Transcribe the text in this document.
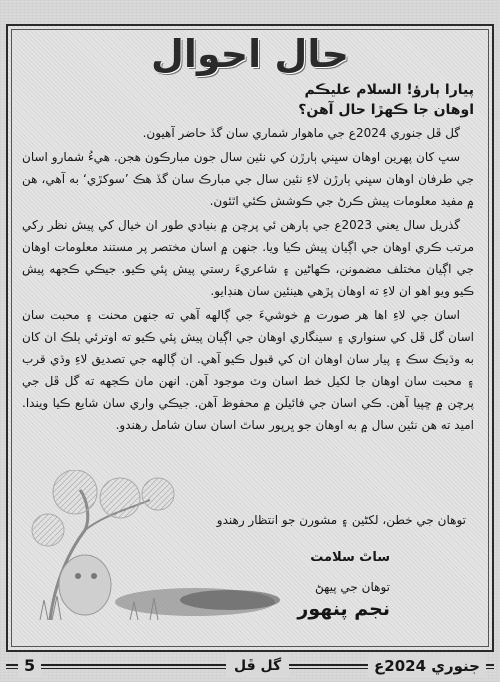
حال احوال
پيارا ٻارؤ! السلام عليڪم
اوهان جا ڪهڙا حال آهن؟

گل ڦل جنوري 2024ع جي ماهوار شماري سان گڏ حاضر آهيون.

سڀ کان پهرين اوهان سڀني ٻارڙن کي نئين سال جون مبارڪون هجن. هيءُ شمارو اسان جي طرفان اوهان سڀني ٻارڙن لاءِ نئين سال جي مبارڪ سان گڏ هڪ ’سوکڙي‘ به آهي، هن ۾ مفيد معلومات پيش ڪرڻ جي ڪوشش ڪئي اٿئون.

گذريل سال يعني 2023ع جي ٻارهن ئي پرچن ۾ بنيادي طور ان خيال کي پيش نظر رکي مرتب ڪري اوهان جي اڳيان پيش ڪيا ويا. جنهن ۾ اسان مختصر پر مستند معلومات اوهان جي اڳيان مختلف مضمونن، ڪهاڻين ۽ شاعريءَ رستي پيش پئي ڪيو. جيڪي ڪجهه پيش ڪيو ويو اهو ان لاءِ ته اوهان پڙهي هينئين سان هنڊايو.

اسان جي لاءِ اها هر صورت ۾ خوشيءَ جي ڳالهه آهي ته جنهن محنت ۽ محبت سان اسان گل ڦل کي سنواري ۽ سينگاري اوهان جي اڳيان پيش پئي ڪيو ته اوترئي ٻلڪ ان کان به وڌيڪ سڪ ۽ پيار سان اوهان ان کي قبول ڪيو آهي. ان ڳالهه جي تصديق لاءِ وڌي قرب ۽ محبت سان اوهان جا لکيل خط اسان وٽ موجود آهن. انهن مان ڪجهه ته گل ڦل جي پرچن ۾ ڇپيا آهن. ڪي اسان جي فائيلن ۾ محفوظ آهن. جيڪي واري سان شايع ڪيا ويندا. اميد ته هن نئين سال ۾ به اوهان جو ڀرپور ساٿ اسان سان شامل رهندو.

توهان جي خطن، لکڻين ۽ مشورن جو انتظار رهندو
ساٿ سلامت
توهان جي پيهڻ
نجم پنهور
5	گل ڦل	جنوري 2024ع
